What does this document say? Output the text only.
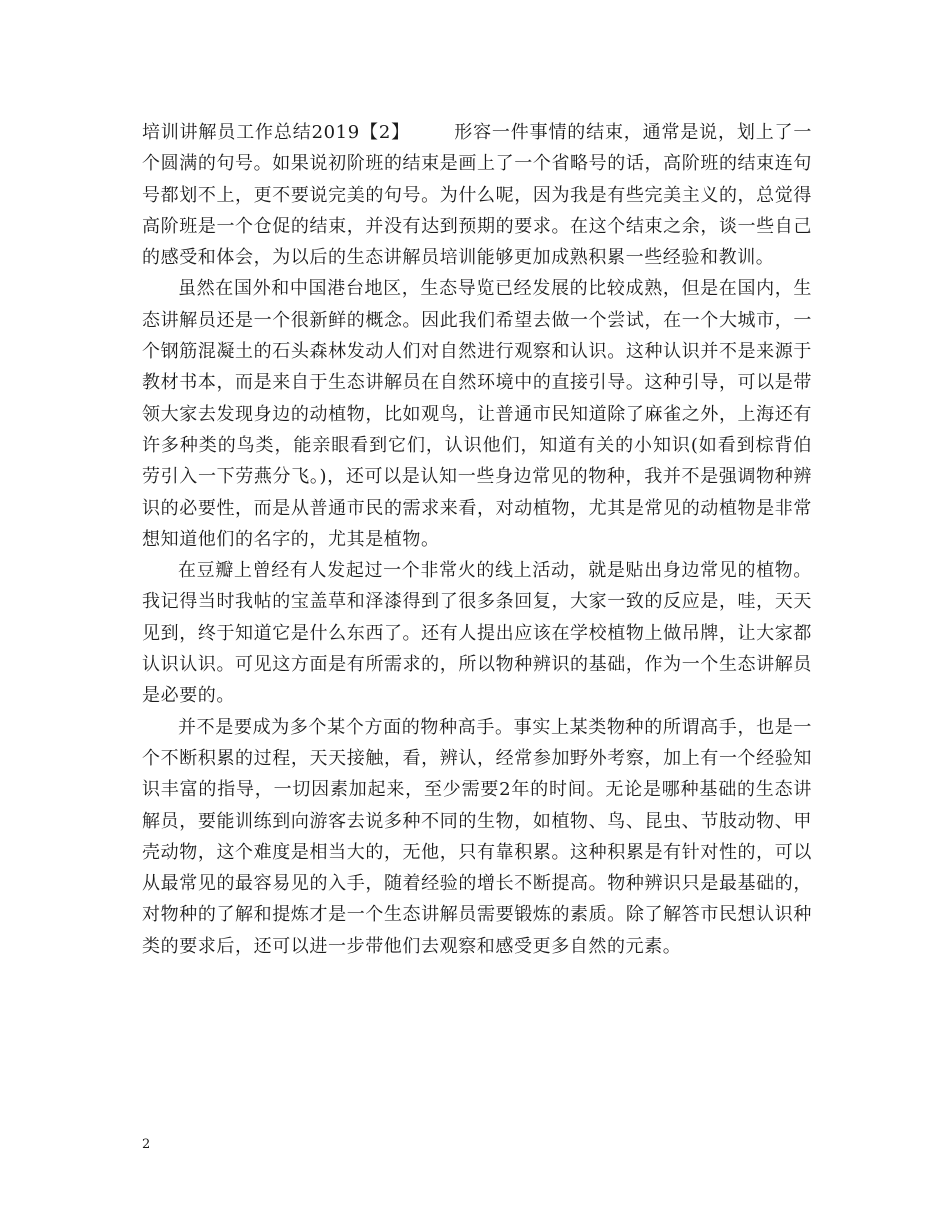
培训讲解员工作总结2019【2】 形容一件事情的结束，通常是说，划上了一个圆满的句号。如果说初阶班的结束是画上了一个省略号的话，高阶班的结束连句号都划不上，更不要说完美的句号。为什么呢，因为我是有些完美主义的，总觉得高阶班是一个仓促的结束，并没有达到预期的要求。在这个结束之余，谈一些自己的感受和体会，为以后的生态讲解员培训能够更加成熟积累一些经验和教训。

虽然在国外和中国港台地区，生态导览已经发展的比较成熟，但是在国内，生态讲解员还是一个很新鲜的概念。因此我们希望去做一个尝试，在一个大城市，一个钢筋混凝土的石头森林发动人们对自然进行观察和认识。这种认识并不是来源于教材书本，而是来自于生态讲解员在自然环境中的直接引导。这种引导，可以是带领大家去发现身边的动植物，比如观鸟，让普通市民知道除了麻雀之外，上海还有许多种类的鸟类，能亲眼看到它们，认识他们，知道有关的小知识(如看到棕背伯劳引入一下劳燕分飞。)，还可以是认知一些身边常见的物种，我并不是强调物种辨识的必要性，而是从普通市民的需求来看，对动植物，尤其是常见的动植物是非常想知道他们的名字的，尤其是植物。

在豆瓣上曾经有人发起过一个非常火的线上活动，就是贴出身边常见的植物。我记得当时我帖的宝盖草和泽漆得到了很多条回复，大家一致的反应是，哇，天天见到，终于知道它是什么东西了。还有人提出应该在学校植物上做吊牌，让大家都认识认识。可见这方面是有所需求的，所以物种辨识的基础，作为一个生态讲解员是必要的。

并不是要成为多个某个方面的物种高手。事实上某类物种的所谓高手，也是一个不断积累的过程，天天接触，看，辨认，经常参加野外考察，加上有一个经验知识丰富的指导，一切因素加起来，至少需要2年的时间。无论是哪种基础的生态讲解员，要能训练到向游客去说多种不同的生物，如植物、鸟、昆虫、节肢动物、甲壳动物，这个难度是相当大的，无他，只有靠积累。这种积累是有针对性的，可以从最常见的最容易见的入手，随着经验的增长不断提高。物种辨识只是最基础的，对物种的了解和提炼才是一个生态讲解员需要锻炼的素质。除了解答市民想认识种类的要求后，还可以进一步带他们去观察和感受更多自然的元素。

2
